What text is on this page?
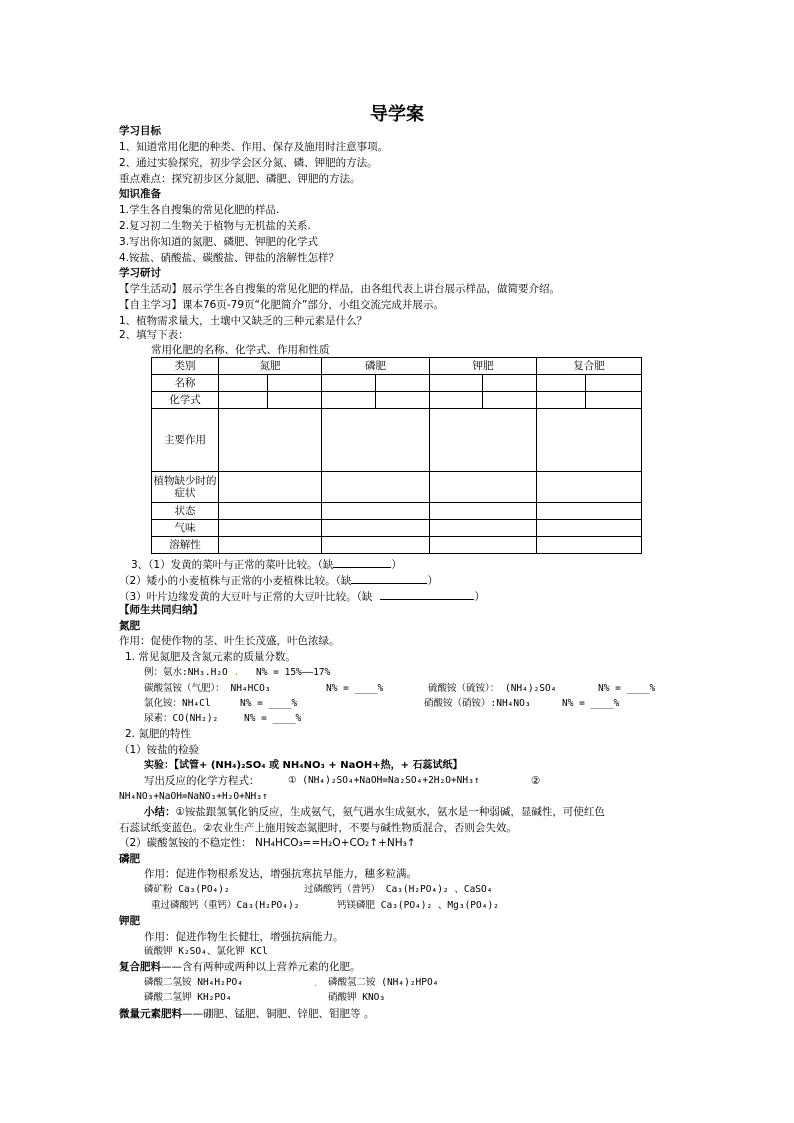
导学案
学习目标
1、知道常用化肥的种类、作用、保存及施用时注意事项。
2、通过实验探究，初步学会区分氮、磷、钾肥的方法。
重点难点：探究初步区分氮肥、磷肥、钾肥的方法。
知识准备
1.学生各自搜集的常见化肥的样品.
2.复习初二生物关于植物与无机盐的关系.
3.写出你知道的氮肥、磷肥、钾肥的化学式
4.铵盐、硝酸盐、碳酸盐、钾盐的溶解性怎样？
学习研讨
【学生活动】展示学生各自搜集的常见化肥的样品，由各组代表上讲台展示样品，做简要介绍。
【自主学习】课本76页-79页“化肥简介”部分，小组交流完成并展示。
1、植物需求量大，土壤中又缺乏的三种元素是什么？
2、填写下表：
常用化肥的名称、化学式、作用和性质
类别	氮肥		磷肥		钾肥		复合肥	
名称								
化学式								
主要作用								
植物缺少时的症状								
状态								
气味								
溶解性								
3、（1）发黄的菜叶与正常的菜叶比较。（缺	）
（2）矮小的小麦植株与正常的小麦植株比较。（缺	）
（3）叶片边缘发黄的大豆叶与正常的大豆叶比较。（缺	）
【师生共同归纳】
氮肥
作用：促使作物的茎、叶生长茂盛，叶色浓绿。
1. 常见氮肥及含氮元素的质量分数。
例：氨水:NH₃.H₂O . N% = 15%——17%
碳酸氢铵（气肥）： NH₄HCO₃	N% = ____%	硫酸铵（硫铵）： (NH₄)₂SO₄	N% = ____%
氯化铵：NH₄Cl	N% = ____%	硝酸铵（硝铵）:NH₄NO₃	N% = ____%
尿素：CO(NH₂)₂	N% = ____%
2. 氮肥的特性
（1）铵盐的检验
实验：【试管+ (NH₄)₂SO₄ 或 NH₄NO₃ + NaOH+热，+ 石蕊试纸】
写出反应的化学方程式：	① (NH₄)₂SO₄+NaOH=Na₂SO₄+2H₂O+NH₃↑	②
NH₄NO₃+NaOH=NaNO₃+H₂O+NH₃↑
小结：①铵盐跟氢氧化钠反应，生成氨气，氨气遇水生成氨水，氨水是一种弱碱，显碱性，可使红色
石蕊试纸变蓝色。②农业生产上施用铵态氮肥时，不要与碱性物质混合，否则会失效。
（2）碳酸氢铵的不稳定性： NH₄HCO₃==H₂O+CO₂↑+NH₃↑
磷肥
作用：促进作物根系发达，增强抗寒抗旱能力，穗多粒满。
磷矿粉 Ca₃(PO₄)₂	过磷酸钙（普钙） Ca₃(H₂PO₄)₂ 、CaSO₄
重过磷酸钙（重钙）Ca₃(H₂PO₄)₂	钙镁磷肥 Ca₃(PO₄)₂ 、Mg₃(PO₄)₂
钾肥
作用：促进作物生长健壮，增强抗病能力。
硫酸钾 K₂SO₄、氯化钾 KCl
复合肥料——含有两种或两种以上营养元素的化肥。
磷酸二氢铵 NH₄H₂PO₄	. 磷酸氢二铵 (NH₄)₂HPO₄
磷酸二氢钾 KH₂PO₄	硝酸钾 KNO₃
微量元素肥料——硼肥、锰肥、铜肥、锌肥、钼肥等 。
